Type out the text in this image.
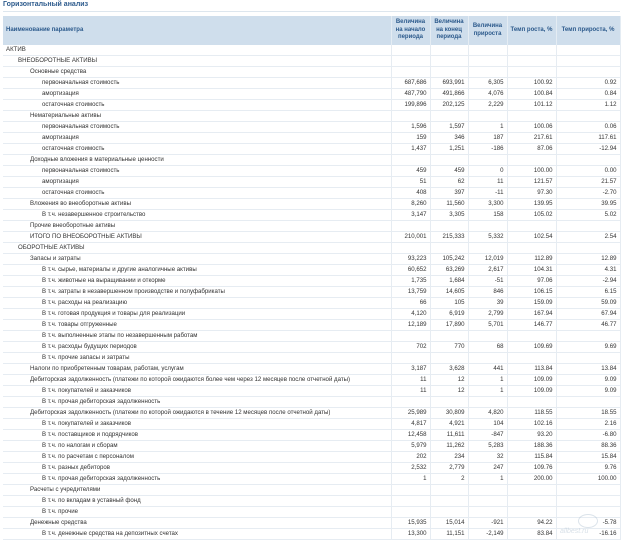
Горизонтальный анализ
Наименование параметра	Величина на начало периода	Величина на конец периода	Величина прироста	Темп роста, %	Темп прироста, %
АКТИВ					
ВНЕОБОРОТНЫЕ АКТИВЫ					
Основные средства					
первоначальная стоимость	687,686	693,991	6,305	100.92	0.92
амортизация	487,790	491,866	4,076	100.84	0.84
остаточная стоимость	199,896	202,125	2,229	101.12	1.12
Нематериальные активы					
первоначальная стоимость	1,596	1,597	1	100.06	0.06
амортизация	159	346	187	217.61	117.61
остаточная стоимость	1,437	1,251	-186	87.06	-12.94
Доходные вложения в материальные ценности					
первоначальная стоимость	459	459	0	100.00	0.00
амортизация	51	62	11	121.57	21.57
остаточная стоимость	408	397	-11	97.30	-2.70
Вложения во внеоборотные активы	8,260	11,560	3,300	139.95	39.95
В т.ч. незавершенное строительство	3,147	3,305	158	105.02	5.02
Прочие внеоборотные активы					
ИТОГО ПО ВНЕОБОРОТНЫЕ АКТИВЫ	210,001	215,333	5,332	102.54	2.54
ОБОРОТНЫЕ АКТИВЫ					
Запасы и затраты	93,223	105,242	12,019	112.89	12.89
В т.ч. сырье, материалы и другие аналогичные активы	60,652	63,269	2,617	104.31	4.31
В т.ч. животные на выращивании и откорме	1,735	1,684	-51	97.06	-2.94
В т.ч. затраты в незавершенном производстве и полуфабрикаты	13,759	14,605	846	106.15	6.15
В т.ч. расходы на реализацию	66	105	39	159.09	59.09
В т.ч. готовая продукция и товары для реализации	4,120	6,919	2,799	167.94	67.94
В т.ч. товары отгруженные	12,189	17,890	5,701	146.77	46.77
В т.ч. выполненные этапы по незавершенным работам					
В т.ч. расходы будущих периодов	702	770	68	109.69	9.69
В т.ч. прочие запасы и затраты					
Налоги по приобретенным товарам, работам, услугам	3,187	3,628	441	113.84	13.84
Дебиторская задолженность (платежи по которой ожидаются более чем через 12 месяцев после отчетной даты)	11	12	1	109.09	9.09
В т.ч. покупателей и заказчиков	11	12	1	109.09	9.09
В т.ч. прочая дебиторская задолженность					
Дебиторская задолженность (платежи по которой ожидаются в течение 12 месяцев после отчетной даты)	25,989	30,809	4,820	118.55	18.55
В т.ч. покупателей и заказчиков	4,817	4,921	104	102.16	2.16
В т.ч. поставщиков и подрядчиков	12,458	11,611	-847	93.20	-6.80
В т.ч. по налогам и сборам	5,979	11,262	5,283	188.36	88.36
В т.ч. по расчетам с персоналом	202	234	32	115.84	15.84
В т.ч. разных дебиторов	2,532	2,779	247	109.76	9.76
В т.ч. прочая дебиторская задолженность	1	2	1	200.00	100.00
Расчеты с учредителями					
В т.ч. по вкладам в уставный фонд					
В т.ч. прочие					
Денежные средства	15,935	15,014	-921	94.22	-5.78
В т.ч. денежные средства на депозитных счетах	13,300	11,151	-2,149	83.84	-16.16
allbest.ru
